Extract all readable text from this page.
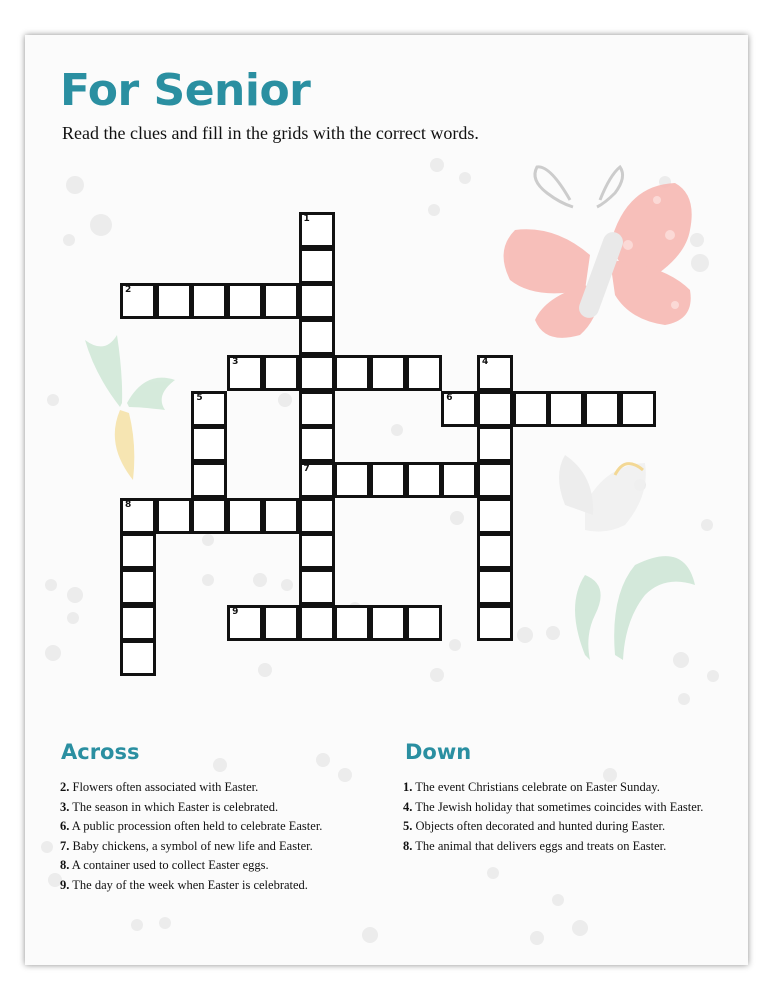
For Senior

Read the clues and fill in the grids with the correct words.

1
7
2
3	4
5	6
8
9
Across
2. Flowers often associated with Easter.
3. The season in which Easter is celebrated.
6. A public procession often held to celebrate Easter.
7. Baby chickens, a symbol of new life and Easter.
8. A container used to collect Easter eggs.
9. The day of the week when Easter is celebrated.
Down
1. The event Christians celebrate on Easter Sunday.
4. The Jewish holiday that sometimes coincides with Easter.
5. Objects often decorated and hunted during Easter.
8. The animal that delivers eggs and treats on Easter.
